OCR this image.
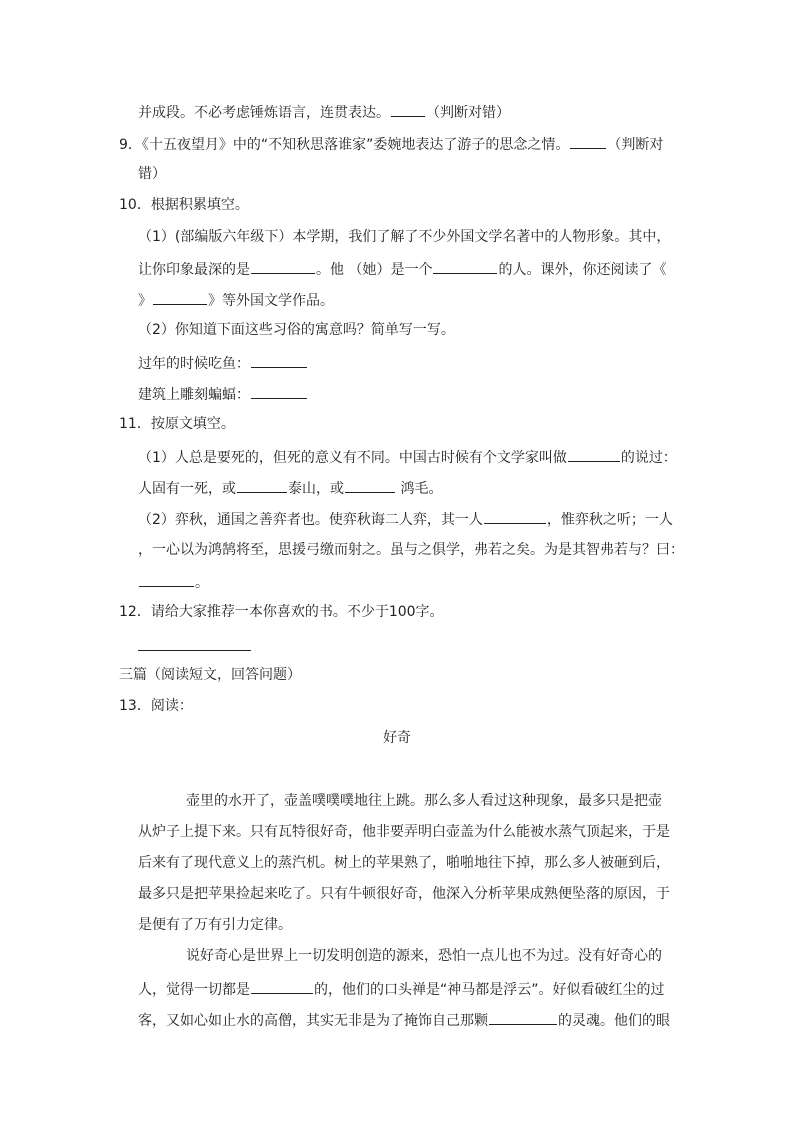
并成段。不必考虑锤炼语言，连贯表达。	（判断对错）
9．《十五夜望月》中的“不知秋思落谁家”委婉地表达了游子的思念之情。	（判断对
错）
10．根据积累填空。
（1）(部编版六年级下）本学期，我们了解了不少外国文学名著中的人物形象。其中，
让你印象最深的是	。他 （她）是一个	的人。课外，你还阅读了《
》	》等外国文学作品。
（2）你知道下面这些习俗的寓意吗？简单写一写。
过年的时候吃鱼：
建筑上雕刻蝙蝠：
11．按原文填空。
（1）人总是要死的，但死的意义有不同。中国古时候有个文学家叫做	的说过：
人固有一死，或	泰山，或	鸿毛。
（2）弈秋，通国之善弈者也。使弈秋诲二人弈，其一人	，惟弈秋之听；一人
，一心以为鸿鹄将至，思援弓缴而射之。虽与之俱学，弗若之矣。为是其智弗若与？曰：
。
12．请给大家推荐一本你喜欢的书。不少于100字。
三篇（阅读短文，回答问题）
13．阅读：
好奇
壶里的水开了，壶盖噗噗噗地往上跳。那么多人看过这种现象，最多只是把壶
从炉子上提下来。只有瓦特很好奇，他非要弄明白壶盖为什么能被水蒸气顶起来，于是
后来有了现代意义上的蒸汽机。树上的苹果熟了，啪啪地往下掉，那么多人被砸到后，
最多只是把苹果捡起来吃了。只有牛顿很好奇，他深入分析苹果成熟便坠落的原因，于
是便有了万有引力定律。
说好奇心是世界上一切发明创造的源来，恐怕一点儿也不为过。没有好奇心的
人，觉得一切都是	的，他们的口头禅是“神马都是浮云”。好似看破红尘的过
客，又如心如止水的高僧，其实无非是为了掩饰自己那颗	的灵魂。他们的眼
